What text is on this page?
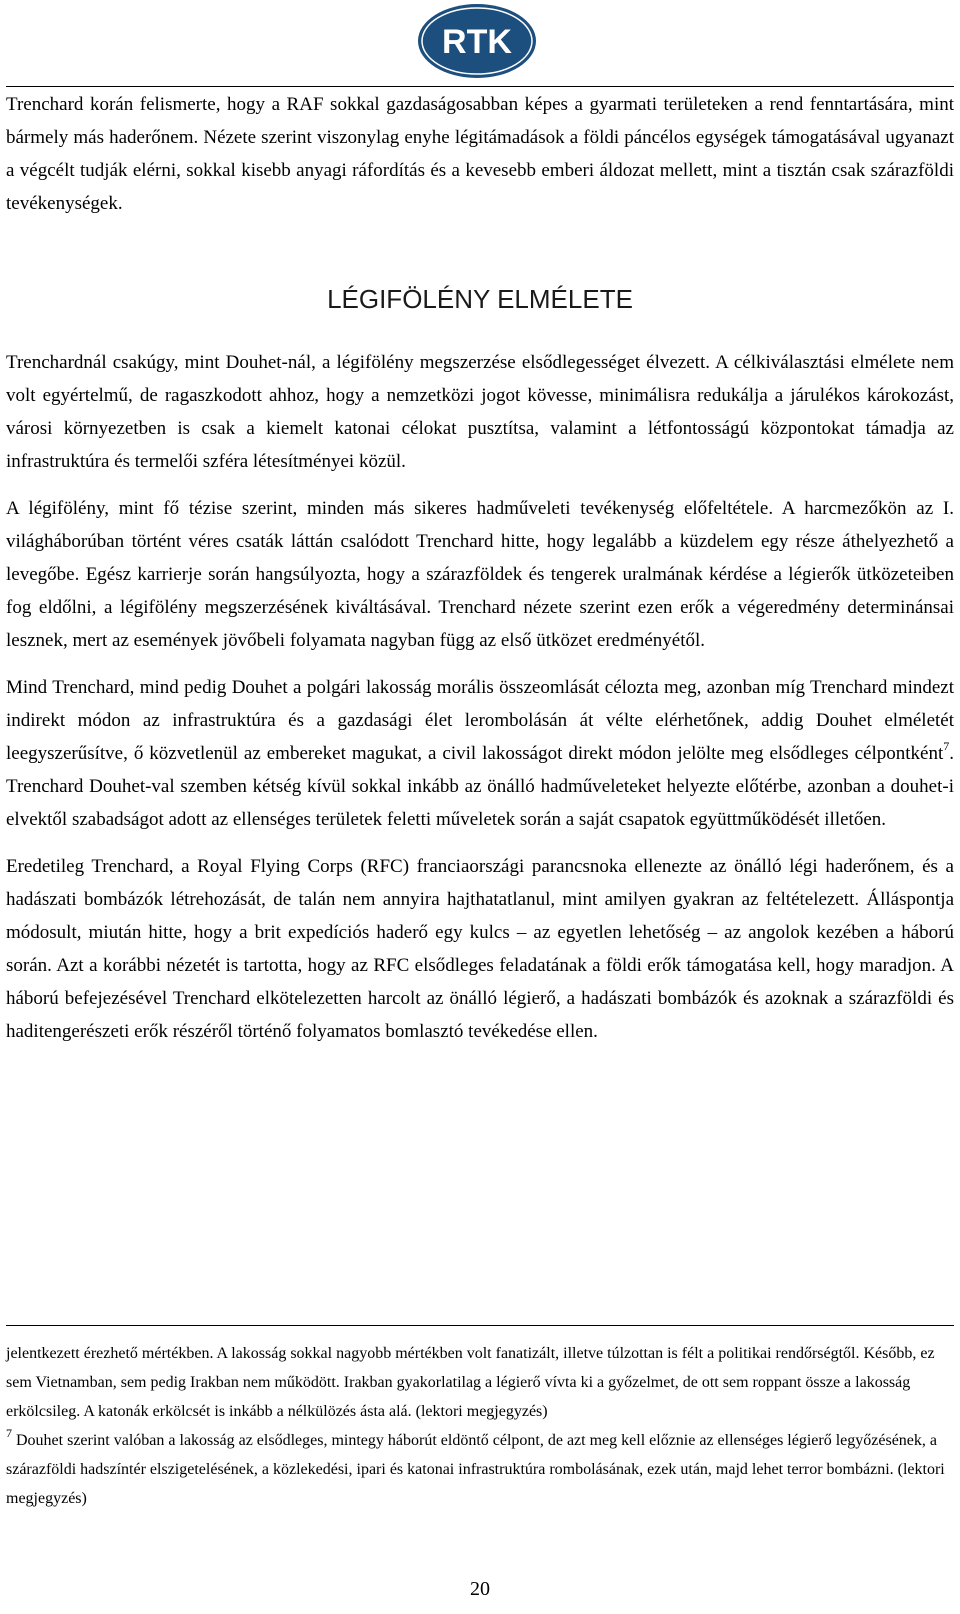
RTK

Trenchard korán felismerte, hogy a RAF sokkal gazdaságosabban képes a gyarmati területeken a rend fenntartására, mint bármely más haderőnem. Nézete szerint viszonylag enyhe légitámadások a földi páncélos egységek támogatásával ugyanazt a végcélt tudják elérni, sokkal kisebb anyagi ráfordítás és a kevesebb emberi áldozat mellett, mint a tisztán csak szárazföldi tevékenységek.

LÉGIFÖLÉNY ELMÉLETE

Trenchardnál csakúgy, mint Douhet-nál, a légifölény megszerzése elsődlegességet élvezett. A célkiválasztási elmélete nem volt egyértelmű, de ragaszkodott ahhoz, hogy a nemzetközi jogot kövesse, minimálisra redukálja a járulékos károkozást, városi környezetben is csak a kiemelt katonai célokat pusztítsa, valamint a létfontosságú központokat támadja az infrastruktúra és termelői szféra létesítményei közül.

A légifölény, mint fő tézise szerint, minden más sikeres hadműveleti tevékenység előfeltétele. A harcmezőkön az I. világháborúban történt véres csaták láttán csalódott Trenchard hitte, hogy legalább a küzdelem egy része áthelyezhető a levegőbe. Egész karrierje során hangsúlyozta, hogy a szárazföldek és tengerek uralmának kérdése a légierők ütközeteiben fog eldőlni, a légifölény megszerzésének kiváltásával. Trenchard nézete szerint ezen erők a végeredmény determinánsai lesznek, mert az események jövőbeli folyamata nagyban függ az első ütközet eredményétől.

Mind Trenchard, mind pedig Douhet a polgári lakosság morális összeomlását célozta meg, azonban míg Trenchard mindezt indirekt módon az infrastruktúra és a gazdasági élet lerombolásán át vélte elérhetőnek, addig Douhet elméletét leegyszerűsítve, ő közvetlenül az embereket magukat, a civil lakosságot direkt módon jelölte meg elsődleges célpontként$^7$. Trenchard Douhet-val szemben kétség kívül sokkal inkább az önálló hadműveleteket helyezte előtérbe, azonban a douhet-i elvektől szabadságot adott az ellenséges területek feletti műveletek során a saját csapatok együttműködését illetően.

Eredetileg Trenchard, a Royal Flying Corps (RFC) franciaországi parancsnoka ellenezte az önálló légi haderőnem, és a hadászati bombázók létrehozását, de talán nem annyira hajthatatlanul, mint amilyen gyakran az feltételezett. Álláspontja módosult, miután hitte, hogy a brit expedíciós haderő egy kulcs – az egyetlen lehetőség – az angolok kezében a háború során. Azt a korábbi nézetét is tartotta, hogy az RFC elsődleges feladatának a földi erők támogatása kell, hogy maradjon. A háború befejezésével Trenchard elkötelezetten harcolt az önálló légierő, a hadászati bombázók és azoknak a szárazföldi és haditengerészeti erők részéről történő folyamatos bomlasztó tevékedése ellen.

jelentkezett érezhető mértékben. A lakosság sokkal nagyobb mértékben volt fanatizált, illetve túlzottan is félt a politikai rendőrségtől. Később, ez sem Vietnamban, sem pedig Irakban nem működött. Irakban gyakorlatilag a légierő vívta ki a győzelmet, de ott sem roppant össze a lakosság erkölcsileg. A katonák erkölcsét is inkább a nélkülözés ásta alá. (lektori megjegyzés)

$^7$ Douhet szerint valóban a lakosság az elsődleges, mintegy háborút eldöntő célpont, de azt meg kell előznie az ellenséges légierő legyőzésének, a szárazföldi hadszíntér elszigetelésének, a közlekedési, ipari és katonai infrastruktúra rombolásának, ezek után, majd lehet terror bombázni. (lektori megjegyzés)

20
